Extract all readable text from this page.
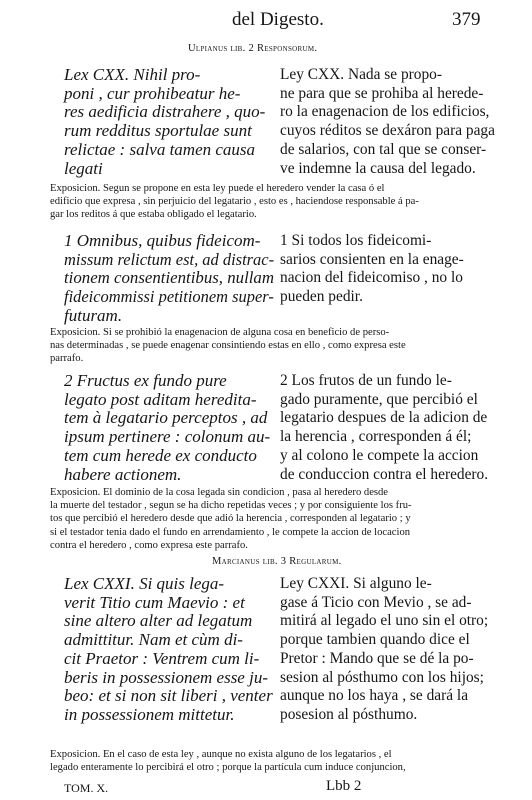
del Digesto.	379
Ulpianus lib. 2 Responsorum.
Lex CXX. Nihil pro-
poni , cur prohibeatur he-
res aedificia distrahere , quo-
rum redditus sportulae sunt
relictae : salva tamen causa
legati
Ley CXX. Nada se propo-
ne para que se prohiba al herede-
ro la enagenacion de los edificios,
cuyos réditos se dexáron para paga
de salarios, con tal que se conser-
ve indemne la causa del legado.
Exposicion. Segun se propone en esta ley puede el heredero vender la casa ó el
edificio que expresa , sin perjuicio del legatario , esto es , haciendose responsable á pa-
gar los reditos á que estaba obligado el legatario.
1 Omnibus, quibus fideicom-
missum relictum est, ad distrac-
tionem consentientibus, nullam
fideicommissi petitionem super-
futuram.
1 Si todos los fideicomi-
sarios consienten en la enage-
nacion del fideicomiso , no lo
pueden pedir.
Exposicion. Si se prohibió la enagenacion de alguna cosa en beneficio de perso-
nas determinadas , se puede enagenar consintiendo estas en ello , como expresa este
parrafo.
2 Fructus ex fundo pure
legato post aditam heredita-
tem à legatario perceptos , ad
ipsum pertinere : colonum au-
tem cum herede ex conducto
habere actionem.
2 Los frutos de un fundo le-
gado puramente, que percibió el
legatario despues de la adicion de
la herencia , corresponden á él;
y al colono le compete la accion
de conduccion contra el heredero.
Exposicion. El dominio de la cosa legada sin condicion , pasa al heredero desde
la muerte del testador , segun se ha dicho repetidas veces ; y por consiguiente los fru-
tos que percibió el heredero desde que adió la herencia , corresponden al legatario ; y
si el testador tenia dado el fundo en arrendamiento , le compete la accion de locacion
contra el heredero , como expresa este parrafo.
Marcianus lib. 3 Regularum.
Lex CXXI. Si quis lega-
verit Titio cum Maevio : et
sine altero alter ad legatum
admittitur. Nam et cùm di-
cit Praetor : Ventrem cum li-
beris in possessionem esse ju-
beo: et si non sit liberi , venter
in possessionem mittetur.
Ley CXXI. Si alguno le-
gase á Ticio con Mevio , se ad-
mitirá al legado el uno sin el otro;
porque tambien quando dice el
Pretor : Mando que se dé la po-
sesion al pósthumo con los hijos;
aunque no los haya , se dará la
posesion al pósthumo.
Exposicion. En el caso de esta ley , aunque no exista alguno de los legatarios , el
legado enteramente lo percibirá el otro ; porque la partícula cum induce conjuncion,
TOM. X.	Lbb 2
